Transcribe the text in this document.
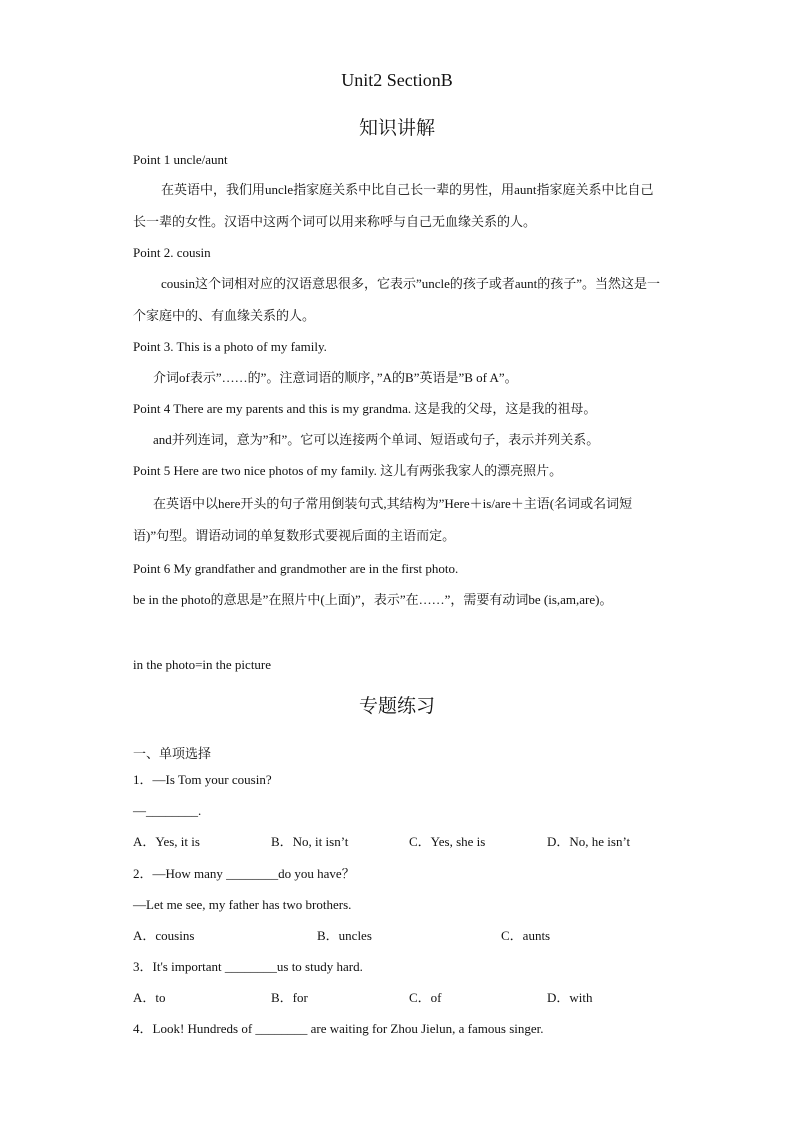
Unit2 SectionB
知识讲解
Point 1 uncle/aunt
在英语中，我们用uncle指家庭关系中比自己长一辈的男性，用aunt指家庭关系中比自己长一辈的女性。汉语中这两个词可以用来称呼与自己无血缘关系的人。
Point 2. cousin
cousin这个词相对应的汉语意思很多，它表示”uncle的孩子或者aunt的孩子”。当然这是一个家庭中的、有血缘关系的人。
Point 3. This is a photo of my family.
介词of表示”……的”。注意词语的顺序，”A的B”英语是”B of A”。
Point 4 There are my parents and this is my grandma. 这是我的父母，这是我的祖母。
and并列连词，意为”和”。它可以连接两个单词、短语或句子，表示并列关系。
Point 5 Here are two nice photos of my family. 这儿有两张我家人的漂亮照片。
在英语中以here开头的句子常用倒装句式,其结构为”Here＋is/are＋主语(名词或名词短语)”句型。谓语动词的单复数形式要视后面的主语而定。
Point 6 My grandfather and grandmother are in the first photo.
be in the photo的意思是”在照片中(上面)”，表示”在……”，需要有动词be (is,am,are)。
in the photo=in the picture
专题练习
一、单项选择
1．—Is Tom your cousin?
—________.
A．Yes, it is	B．No, it isn’t	C．Yes, she is	D．No, he isn’t
2．—How many ________do you have？
—Let me see, my father has two brothers.
A．cousins	B．uncles	C．aunts
3．It's important ________us to study hard.
A．to	B．for	C．of	D．with
4．Look! Hundreds of ________ are waiting for Zhou Jielun, a famous singer.
